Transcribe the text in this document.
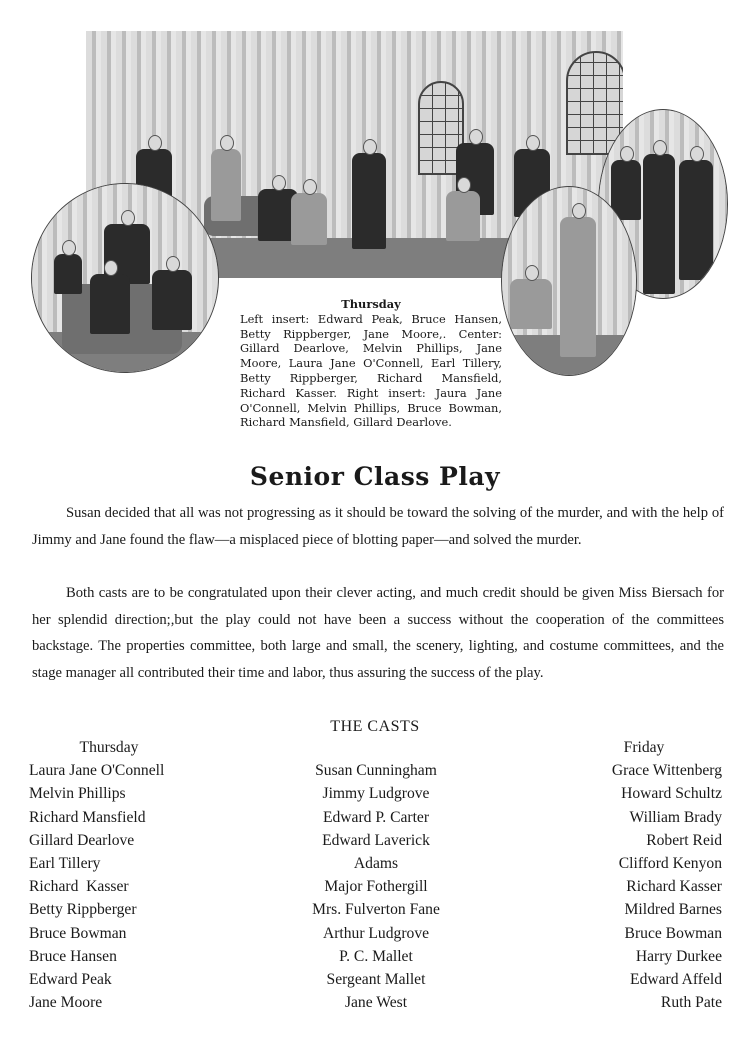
Thursday

Left insert: Edward Peak, Bruce Hansen, Betty Rippberger, Jane Moore,. Center: Gillard Dearlove, Melvin Phillips, Jane Moore, Laura Jane O'Connell, Earl Tillery, Betty Rippberger, Richard Mansfield, Richard Kasser. Right insert: Jaura Jane O'Connell, Melvin Phillips, Bruce Bowman, Richard Mansfield, Gillard Dearlove.

Senior Class Play

Susan decided that all was not progressing as it should be toward the solving of the murder, and with the help of Jimmy and Jane found the flaw—a misplaced piece of blotting paper—and solved the murder.

Both casts are to be congratulated upon their clever acting, and much credit should be given Miss Biersach for her splendid direction;,but the play could not have been a success without the cooperation of the committees backstage. The properties committee, both large and small, the scenery, lighting, and costume committees, and the stage manager all contributed their time and labor, thus assuring the success of the play.

THE CASTS
Thursday
Laura Jane O'Connell
Melvin Phillips
Richard Mansfield
Gillard Dearlove
Earl Tillery
Richard  Kasser
Betty Rippberger
Bruce Bowman
Bruce Hansen
Edward Peak
Jane Moore
Susan Cunningham
Jimmy Ludgrove
Edward P. Carter
Edward Laverick
Adams
Major Fothergill
Mrs. Fulverton Fane
Arthur Ludgrove
P. C. Mallet
Sergeant Mallet
Jane West
Friday
Grace Wittenberg
Howard Schultz
William Brady
Robert Reid
Clifford Kenyon
Richard Kasser
Mildred Barnes
Bruce Bowman
Harry Durkee
Edward Affeld
Ruth Pate
